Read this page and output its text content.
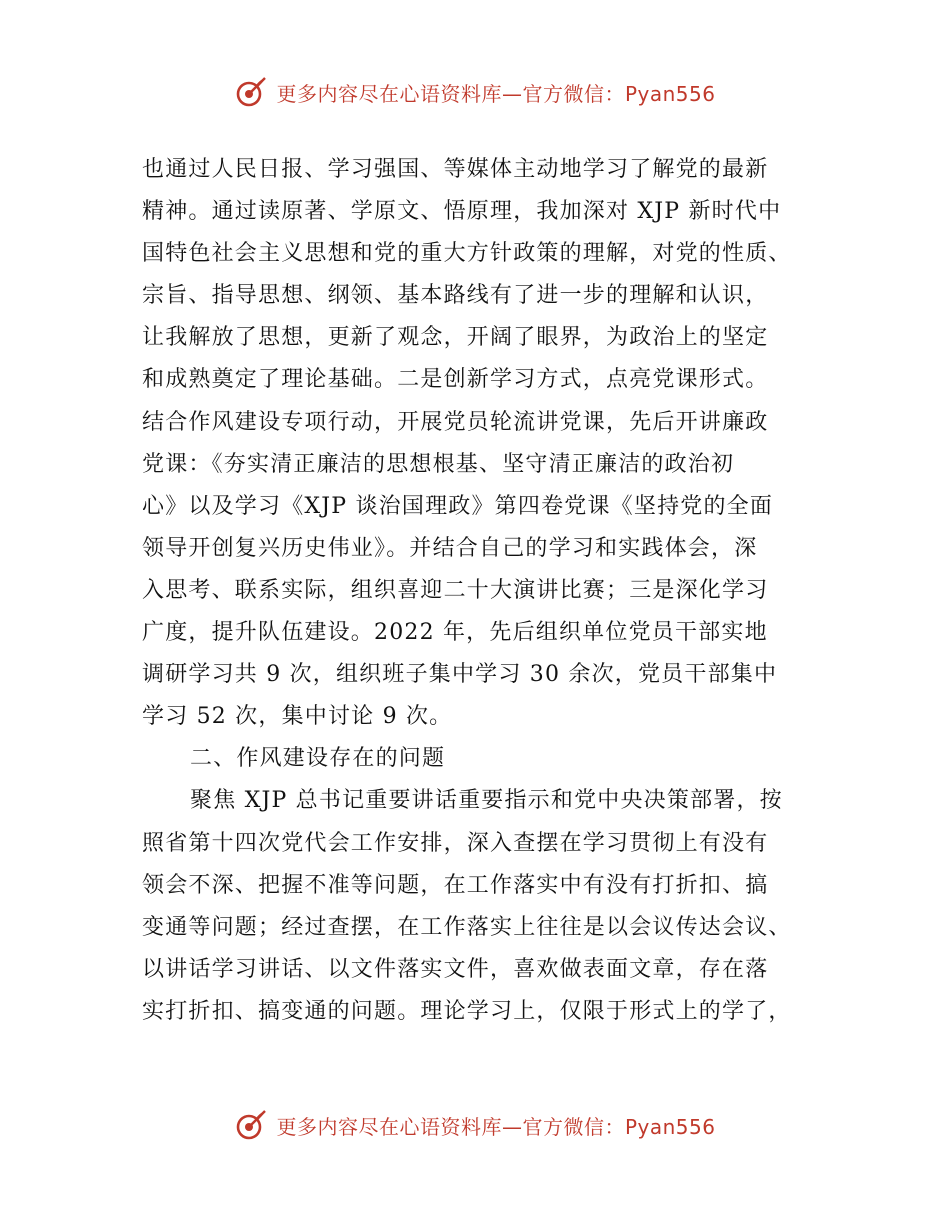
更多内容尽在心语资料库—官方微信：Pyan556
也通过人民日报、学习强国、等媒体主动地学习了解党的最新
精神。通过读原著、学原文、悟原理，我加深对 XJP 新时代中
国特色社会主义思想和党的重大方针政策的理解，对党的性质、
宗旨、指导思想、纲领、基本路线有了进一步的理解和认识，
让我解放了思想，更新了观念，开阔了眼界，为政治上的坚定
和成熟奠定了理论基础。二是创新学习方式，点亮党课形式。
结合作风建设专项行动，开展党员轮流讲党课，先后开讲廉政
党课：《夯实清正廉洁的思想根基、坚守清正廉洁的政治初
心》以及学习《XJP 谈治国理政》第四卷党课《坚持党的全面
领导开创复兴历史伟业》。并结合自己的学习和实践体会，深
入思考、联系实际，组织喜迎二十大演讲比赛；三是深化学习
广度，提升队伍建设。2022 年，先后组织单位党员干部实地
调研学习共 9 次，组织班子集中学习 30 余次，党员干部集中
学习 52 次，集中讨论 9 次。
二、作风建设存在的问题
聚焦 XJP 总书记重要讲话重要指示和党中央决策部署，按
照省第十四次党代会工作安排，深入查摆在学习贯彻上有没有
领会不深、把握不准等问题，在工作落实中有没有打折扣、搞
变通等问题；经过查摆，在工作落实上往往是以会议传达会议、
以讲话学习讲话、以文件落实文件，喜欢做表面文章，存在落
实打折扣、搞变通的问题。理论学习上，仅限于形式上的学了，
更多内容尽在心语资料库—官方微信：Pyan556
